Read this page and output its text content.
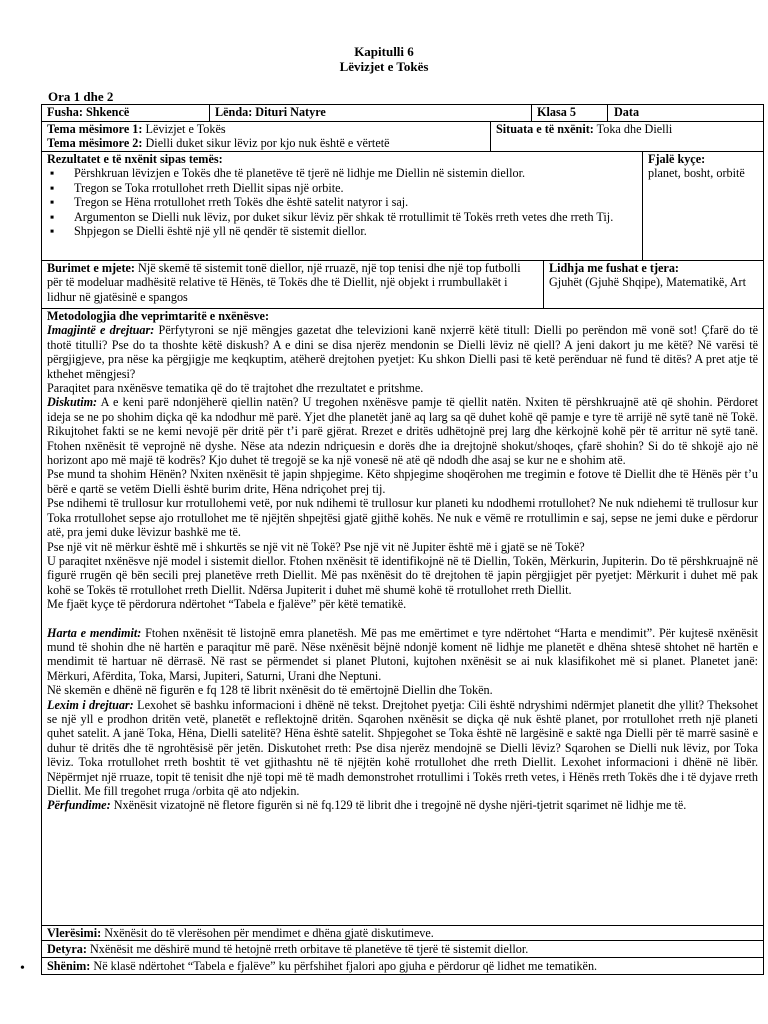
Kapitulli 6
Lëvizjet e Tokës
Ora 1 dhe 2
Fusha: Shkencë	Lënda: Dituri Natyre	Klasa 5	Data
Tema mësimore 1: Lëvizjet e Tokës
Tema mësimore 2: Dielli duket sikur lëviz por kjo nuk është e vërtetë
Situata e të nxënit: Toka dhe Dielli
Rezultatet e të nxënit sipas temës:
▪ Përshkruan lëvizjen e Tokës dhe të planetëve të tjerë në lidhje me Diellin në sistemin diellor.
▪ Tregon se Toka rrotullohet rreth Diellit sipas një orbite.
▪ Tregon se Hëna rrotullohet rreth Tokës dhe është satelit natyror i saj.
▪ Argumenton se Dielli nuk lëviz, por duket sikur lëviz për shkak të rrotullimit të Tokës rreth vetes dhe rreth Tij.
▪ Shpjegon se Dielli është një yll në qendër të sistemit diellor.
Fjalë kyçe:
planet, bosht, orbitë
Burimet e mjete: Një skemë të sistemit tonë diellor, një rruazë, një top tenisi dhe një top futbolli për të modeluar madhësitë relative të Hënës, të Tokës dhe të Diellit, një objekt i rrumbullakët i lidhur në gjatësinë e spangos
Lidhja me fushat e tjera:
Gjuhët (Gjuhë Shqipe), Matematikë, Art

Metodologjia dhe veprimtaritë e nxënësve:

Imagjintë e drejtuar: Përfytyroni se një mëngjes gazetat dhe televizioni kanë nxjerrë këtë titull: Dielli po perëndon më vonë sot! Çfarë do të thotë titulli? Pse do ta thoshte këtë diskush? A e dini se disa njerëz mendonin se Dielli lëviz në qiell? A jeni dakort ju me këtë? Në varësi të përgjigjeve, pra nëse ka përgjigje me keqkuptim, atëherë drejtohen pyetjet: Ku shkon Dielli pasi të ketë perënduar në fund të ditës? A pret atje të kthehet mëngjesi?

Paraqitet para nxënësve tematika që do të trajtohet dhe rrezultatet e pritshme.

Diskutim: A e keni parë ndonjëherë qiellin natën? U tregohen nxënësve pamje të qiellit natën. Nxiten të përshkruajnë atë që shohin. Përdoret ideja se ne po shohim diçka që ka ndodhur më parë. Yjet dhe planetët janë aq larg sa që duhet kohë që pamje e tyre të arrijë në sytë tanë në Tokë. Rikujtohet fakti se ne kemi nevojë për dritë për t’i parë gjërat. Rrezet e dritës udhëtojnë prej larg dhe kërkojnë kohë për të arritur në sytë tanë. Ftohen nxënësit të veprojnë në dyshe. Nëse ata ndezin ndriçuesin e dorës dhe ia drejtojnë shokut/shoqes, çfarë shohin? Si do të shkojë ajo në horizont apo më majë të kodrës? Kjo duhet të tregojë se ka një vonesë në atë që ndodh dhe asaj se kur ne e shohim atë.

Pse mund ta shohim Hënën? Nxiten nxënësit të japin shpjegime. Këto shpjegime shoqërohen me tregimin e fotove të Diellit dhe të Hënës për t’u bërë e qartë se vetëm Dielli është burim drite, Hëna ndriçohet prej tij.

Pse ndihemi të trullosur kur rrotullohemi vetë, por nuk ndihemi të trullosur kur planeti ku ndodhemi rrotullohet? Ne nuk ndiehemi të trullosur kur Toka rrotullohet sepse ajo rrotullohet me të njëjtën shpejtësi gjatë gjithë kohës. Ne nuk e vëmë re rrotullimin e saj, sepse ne jemi duke e përdorur atë, pra jemi duke lëvizur bashkë me të.

Pse një vit në mërkur është më i shkurtës se një vit në Tokë? Pse një vit në Jupiter është më i gjatë se në Tokë?

U paraqitet nxënësve një model i sistemit diellor. Ftohen nxënësit të identifikojnë në të Diellin, Tokën, Mërkurin, Jupiterin. Do të përshkruajnë në figurë rrugën që bën secili prej planetëve rreth Diellit. Më pas nxënësit do të drejtohen të japin përgjigjet për pyetjet: Mërkurit i duhet më pak kohë se Tokës të rrotullohet rreth Diellit. Ndërsa Jupiterit i duhet më shumë kohë të rrotullohet rreth Diellit.

Me fjaët kyçe të përdorura ndërtohet “Tabela e fjalëve” për këtë tematikë.

Harta e mendimit: Ftohen nxënësit të listojnë emra planetësh. Më pas me emërtimet e tyre ndërtohet “Harta e mendimit”. Për kujtesë nxënësit mund të shohin dhe në hartën e paraqitur më parë. Nëse nxënësit bëjnë ndonjë koment në lidhje me planetët e dhëna shtesë shtohet në hartën e mendimit të hartuar në dërrasë. Në rast se përmendet si planet Plutoni, kujtohen nxënësit se ai nuk klasifikohet më si planet. Planetet janë: Mërkuri, Afërdita, Toka, Marsi, Jupiteri, Saturni, Urani dhe Neptuni.

Në skemën e dhënë në figurën e fq 128 të librit nxënësit do të emërtojnë Diellin dhe Tokën.

Lexim i drejtuar: Lexohet së bashku informacioni i dhënë në tekst. Drejtohet pyetja: Cili është ndryshimi ndërmjet planetit dhe yllit? Theksohet se një yll e prodhon dritën vetë, planetët e reflektojnë dritën. Sqarohen nxënësit se diçka që nuk është planet, por rrotullohet rreth një planeti quhet satelit. A janë Toka, Hëna, Dielli satelitë? Hëna është satelit. Shpjegohet se Toka është në largësinë e saktë nga Dielli për të marrë sasinë e duhur të dritës dhe të ngrohtësisë për jetën. Diskutohet rreth: Pse disa njerëz mendojnë se Dielli lëviz? Sqarohen se Dielli nuk lëviz, por Toka lëviz. Toka rrotullohet rreth boshtit të vet gjithashtu në të njëjtën kohë rrotullohet dhe rreth Diellit. Lexohet informacioni i dhënë në libër. Nëpërmjet një rruaze, topit të tenisit dhe një topi më të madh demonstrohet rrotullimi i Tokës rreth vetes, i Hënës rreth Tokës dhe i të dyjave rreth Diellit. Me fill tregohet rruga /orbita që ato ndjekin.

Përfundime: Nxënësit vizatojnë në fletore figurën si në fq.129 të librit dhe i tregojnë në dyshe njëri-tjetrit sqarimet në lidhje me të.

Vlerësimi: Nxënësit do të vlerësohen për mendimet e dhëna gjatë diskutimeve.
Detyra: Nxënësit me dëshirë mund të hetojnë rreth orbitave të planetëve të tjerë të sistemit diellor.
Shënim: Në klasë ndërtohet “Tabela e fjalëve” ku përfshihet fjalori apo gjuha e përdorur që lidhet me tematikën.
•
